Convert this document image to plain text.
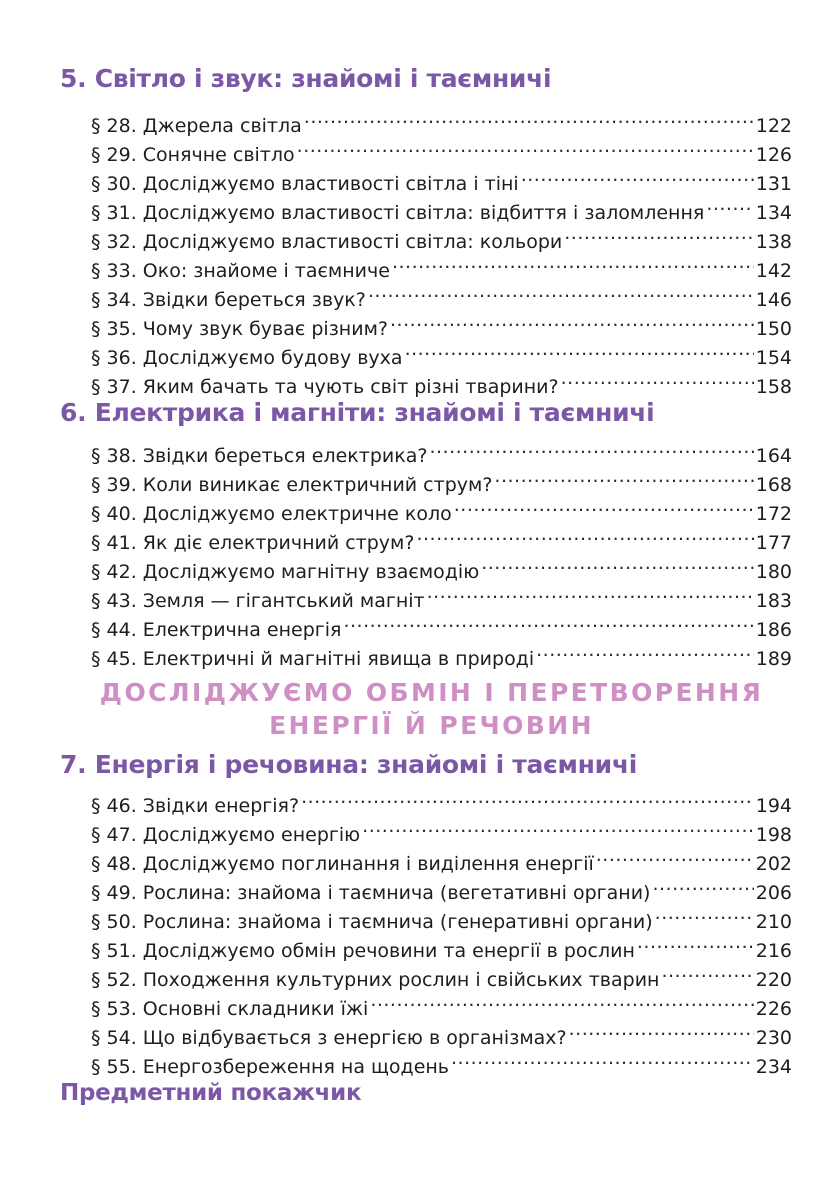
5. Світло і звук: знайомі і таємничі
§ 28. Джерела світла .....	122
§ 29. Сонячне світло .....	126
§ 30. Досліджуємо властивості світла і тіні .....	131
§ 31. Досліджуємо властивості світла: відбиття і заломлення .....	134
§ 32. Досліджуємо властивості світла: кольори .....	138
§ 33. Око: знайоме і таємниче .....	142
§ 34. Звідки береться звук? .....	146
§ 35. Чому звук буває різним? .....	150
§ 36. Досліджуємо будову вуха .....	154
§ 37. Яким бачать та чують світ різні тварини? .....	158
6. Електрика і магніти: знайомі і таємничі
§ 38. Звідки береться електрика? .....	164
§ 39. Коли виникає електричний струм? .....	168
§ 40. Досліджуємо електричне коло .....	172
§ 41. Як діє електричний струм? .....	177
§ 42. Досліджуємо магнітну взаємодію .....	180
§ 43. Земля — гігантський магніт .....	183
§ 44. Електрична енергія .....	186
§ 45. Електричні й магнітні явища в природі .....	189
ДОСЛІДЖУЄМО ОБМІН І ПЕРЕТВОРЕННЯ
ЕНЕРГІЇ Й РЕЧОВИН
7. Енергія і речовина: знайомі і таємничі
§ 46. Звідки енергія? .....	194
§ 47. Досліджуємо енергію .....	198
§ 48. Досліджуємо поглинання і виділення енергії .....	202
§ 49. Рослина: знайома і таємнича (вегетативні органи) .....	206
§ 50. Рослина: знайома і таємнича (генеративні органи) .....	210
§ 51. Досліджуємо обмін речовини та енергії в рослин .....	216
§ 52. Походження культурних рослин і свійських тварин .....	220
§ 53. Основні складники їжі .....	226
§ 54. Що відбувається з енергією в організмах? .....	230
§ 55. Енергозбереження на щодень .....	234
Предметний покажчик
